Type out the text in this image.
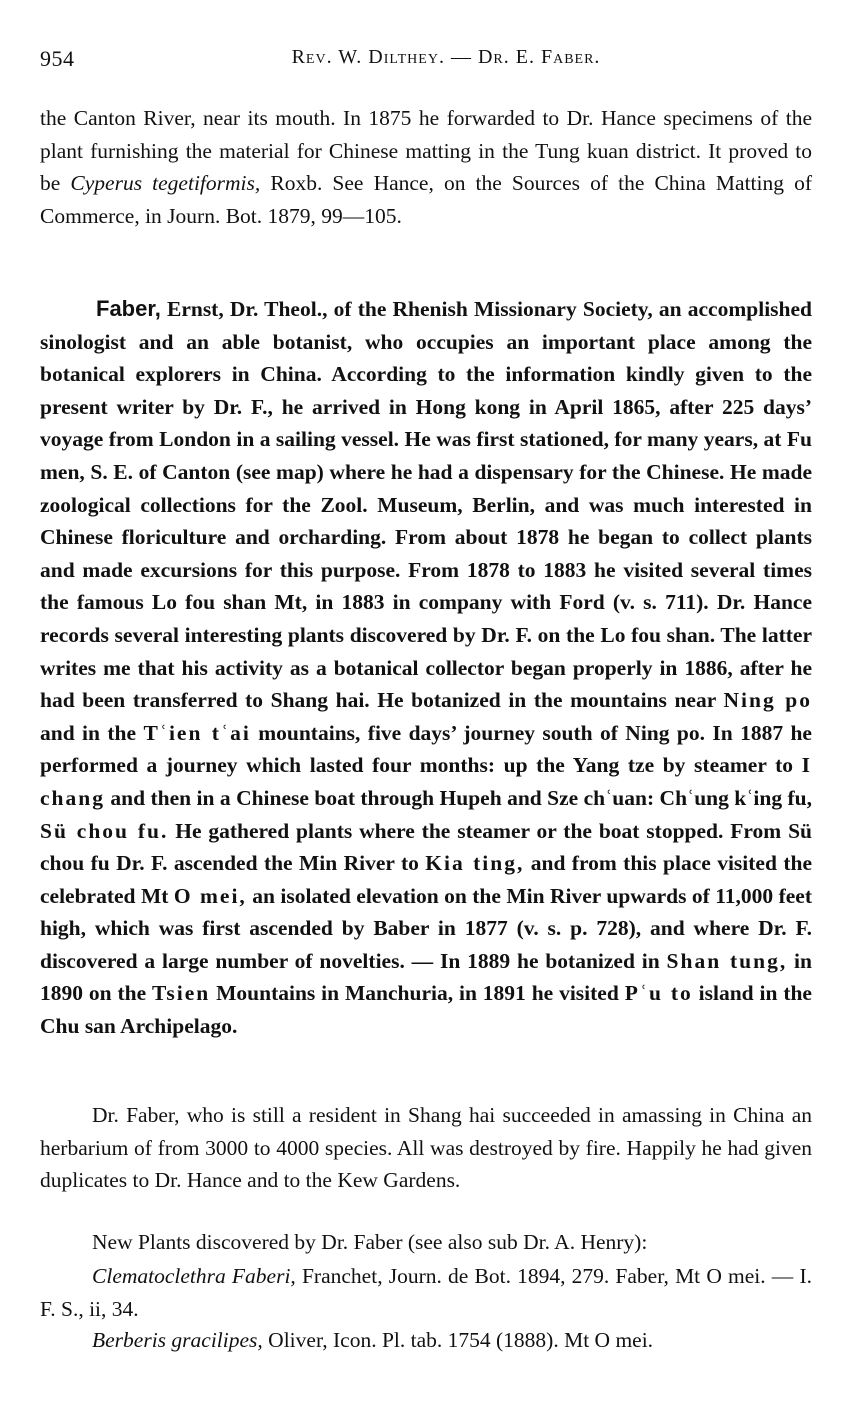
954	Rev. W. Dilthey. — Dr. E. Faber.

the Canton River, near its mouth. In 1875 he forwarded to Dr. Hance specimens of the plant furnishing the material for Chinese matting in the Tung kuan district. It proved to be Cyperus tegetiformis, Roxb. See Hance, on the Sources of the China Matting of Commerce, in Journ. Bot. 1879, 99—105.

Faber, Ernst, Dr. Theol., of the Rhenish Missionary Society, an accomplished sinologist and an able botanist, who occupies an important place among the botanical explorers in China. According to the information kindly given to the present writer by Dr. F., he arrived in Hong kong in April 1865, after 225 days’ voyage from London in a sailing vessel. He was first stationed, for many years, at Fu men, S. E. of Canton (see map) where he had a dispensary for the Chinese. He made zoological collections for the Zool. Museum, Berlin, and was much interested in Chinese floriculture and orcharding. From about 1878 he began to collect plants and made excursions for this purpose. From 1878 to 1883 he visited several times the famous Lo fou shan Mt, in 1883 in company with Ford (v. s. 711). Dr. Hance records several interesting plants discovered by Dr. F. on the Lo fou shan. The latter writes me that his activity as a botanical collector began properly in 1886, after he had been transferred to Shang hai. He botanized in the mountains near Ning po and in the Tʿien tʿai mountains, five days’ journey south of Ning po. In 1887 he performed a journey which lasted four months: up the Yang tze by steamer to I chang and then in a Chinese boat through Hupeh and Sze chʿuan: Chʿung kʿing fu, Sü chou fu. He gathered plants where the steamer or the boat stopped. From Sü chou fu Dr. F. ascended the Min River to Kia ting, and from this place visited the celebrated Mt O mei, an isolated elevation on the Min River upwards of 11,000 feet high, which was first ascended by Baber in 1877 (v. s. p. 728), and where Dr. F. discovered a large number of novelties. — In 1889 he botanized in Shan tung, in 1890 on the Tsien Mountains in Manchuria, in 1891 he visited Pʿu to island in the Chu san Archipelago.

Dr. Faber, who is still a resident in Shang hai succeeded in amassing in China an herbarium of from 3000 to 4000 species. All was destroyed by fire. Happily he had given duplicates to Dr. Hance and to the Kew Gardens.

New Plants discovered by Dr. Faber (see also sub Dr. A. Henry):

Clematoclethra Faberi, Franchet, Journ. de Bot. 1894, 279. Faber, Mt O mei. — I. F. S., ii, 34.

Berberis gracilipes, Oliver, Icon. Pl. tab. 1754 (1888). Mt O mei.
